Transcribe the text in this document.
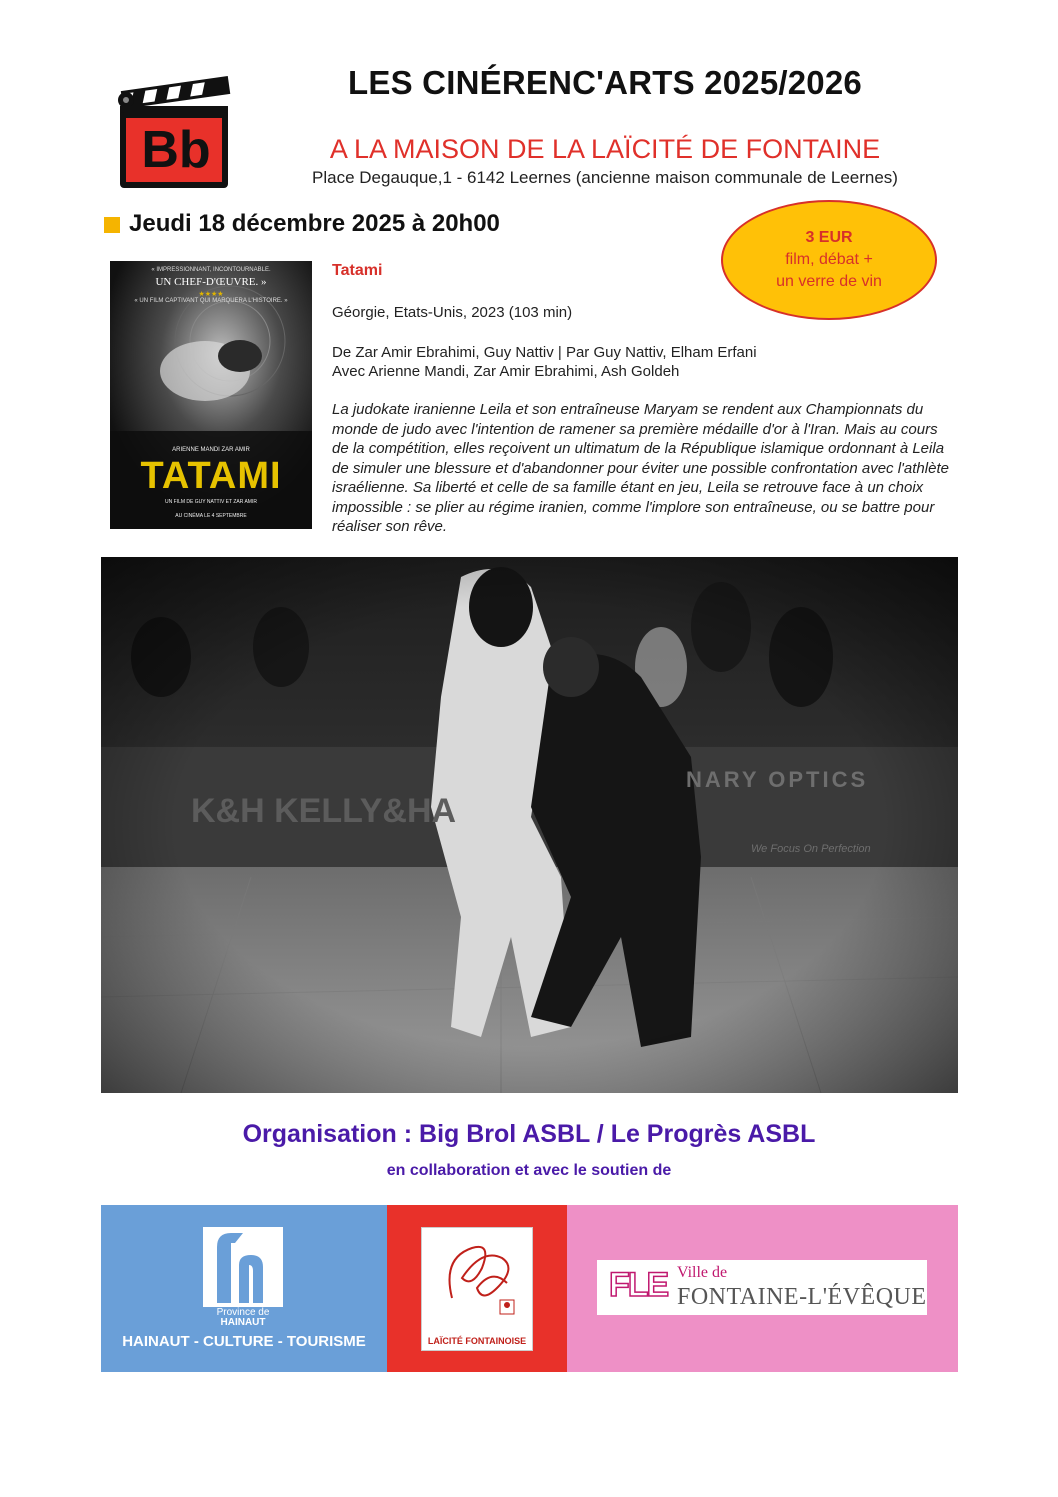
Bb
LES CINÉRENC'ARTS 2025/2026
A LA MAISON DE LA LAÏCITÉ DE FONTAINE
Place Degauque,1 - 6142 Leernes (ancienne maison communale de Leernes)
Jeudi 18 décembre 2025 à 20h00
3 EUR
film, débat +
un verre de vin
« IMPRESSIONNANT, INCONTOURNABLE.
UN CHEF-D'ŒUVRE. »
★★★★
« UN FILM CAPTIVANT QUI MARQUERA L'HISTOIRE. »
ARIENNE MANDI ZAR AMIR
TATAMI
UN FILM DE GUY NATTIV ET ZAR AMIR
AU CINÉMA LE 4 SEPTEMBRE
Tatami
Géorgie, Etats-Unis, 2023 (103 min)
De Zar Amir Ebrahimi, Guy Nattiv | Par Guy Nattiv, Elham Erfani
Avec Arienne Mandi, Zar Amir Ebrahimi, Ash Goldeh
La judokate iranienne Leila et son entraîneuse Maryam se rendent aux Championnats du monde de judo avec l'intention de ramener sa première médaille d'or à l'Iran. Mais au cours de la compétition, elles reçoivent un ultimatum de la République islamique ordonnant à Leila de simuler une blessure et d'abandonner pour éviter une possible confrontation avec l'athlète israélienne. Sa liberté et celle de sa famille étant en jeu, Leila se retrouve face à un choix impossible : se plier au régime iranien, comme l'implore son entraîneuse, ou se battre pour réaliser son rêve.
K&H KELLY&HA
NARY OPTICS
We Focus On Perfection
Organisation : Big Brol ASBL / Le Progrès ASBL
en collaboration et avec le soutien de
Province de
HAINAUT
HAINAUT - CULTURE - TOURISME	LAÏCITÉ FONTAINOISE
FLE Ville de
FONTAINE-L'ÉVÊQUE
